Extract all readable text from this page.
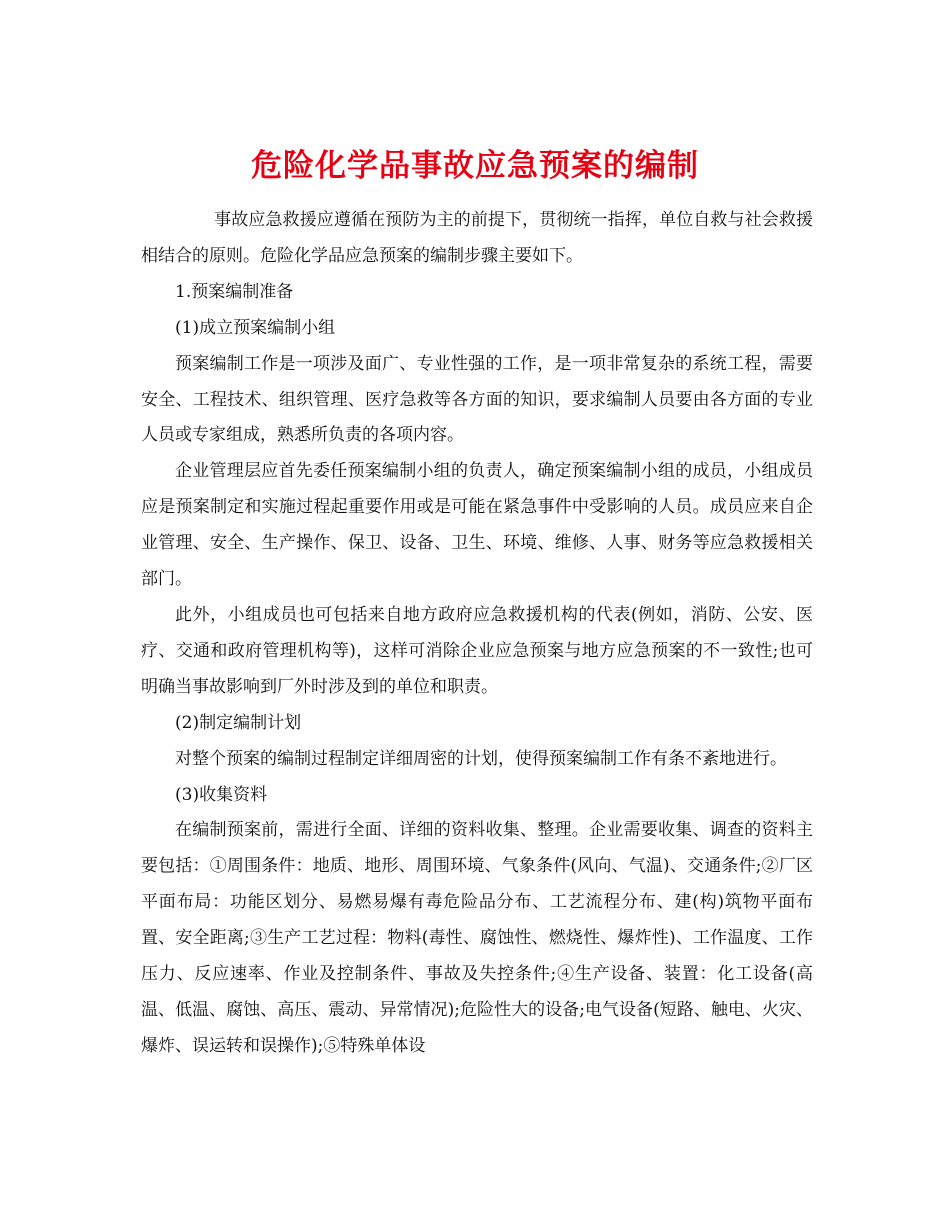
危险化学品事故应急预案的编制

事故应急救援应遵循在预防为主的前提下，贯彻统一指挥，单位自救与社会救援相结合的原则。危险化学品应急预案的编制步骤主要如下。

1.预案编制准备

(1)成立预案编制小组

预案编制工作是一项涉及面广、专业性强的工作，是一项非常复杂的系统工程，需要安全、工程技术、组织管理、医疗急救等各方面的知识，要求编制人员要由各方面的专业人员或专家组成，熟悉所负责的各项内容。

企业管理层应首先委任预案编制小组的负责人，确定预案编制小组的成员，小组成员应是预案制定和实施过程起重要作用或是可能在紧急事件中受影响的人员。成员应来自企业管理、安全、生产操作、保卫、设备、卫生、环境、维修、人事、财务等应急救援相关部门。

此外，小组成员也可包括来自地方政府应急救援机构的代表(例如，消防、公安、医疗、交通和政府管理机构等)，这样可消除企业应急预案与地方应急预案的不一致性;也可明确当事故影响到厂外时涉及到的单位和职责。

(2)制定编制计划

对整个预案的编制过程制定详细周密的计划，使得预案编制工作有条不紊地进行。

(3)收集资料

在编制预案前，需进行全面、详细的资料收集、整理。企业需要收集、调查的资料主要包括：①周围条件：地质、地形、周围环境、气象条件(风向、气温)、交通条件;②厂区平面布局：功能区划分、易燃易爆有毒危险品分布、工艺流程分布、建(构)筑物平面布置、安全距离;③生产工艺过程：物料(毒性、腐蚀性、燃烧性、爆炸性)、工作温度、工作压力、反应速率、作业及控制条件、事故及失控条件;④生产设备、装置：化工设备(高温、低温、腐蚀、高压、震动、异常情况);危险性大的设备;电气设备(短路、触电、火灾、爆炸、误运转和误操作);⑤特殊单体设
